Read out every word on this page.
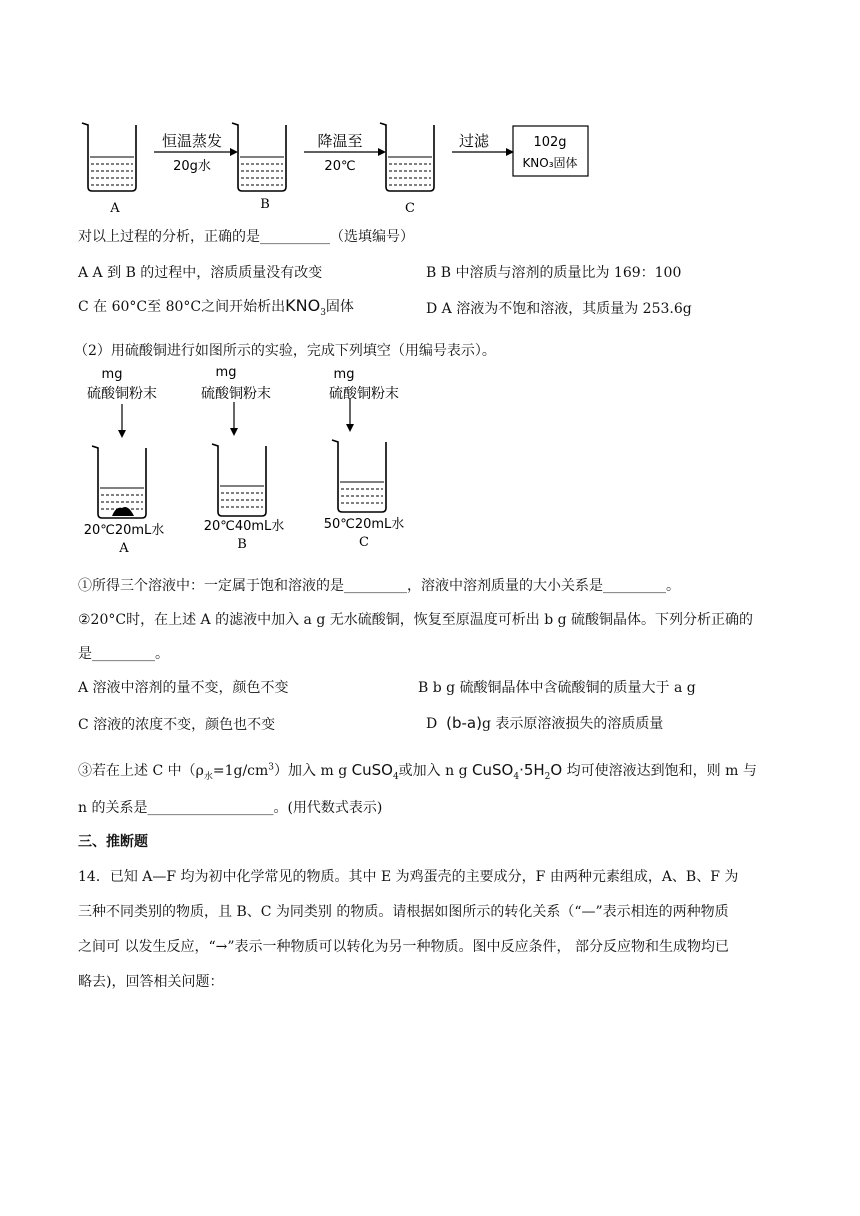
恒温蒸发
20g水
降温至
20℃
过滤	102g
KNO₃固体
A	B	C
对以上过程的分析，正确的是__________（选填编号）
A A 到 B 的过程中，溶质质量没有改变	B B 中溶质与溶剂的质量比为 169：100
C 在 60°C至 80°C之间开始析出$KNO_3$固体	D A 溶液为不饱和溶液，其质量为 253.6g
（2）用硫酸铜进行如图所示的实验，完成下列填空（用编号表示）。
mg
硫酸铜粉末
mg
硫酸铜粉末
mg
硫酸铜粉末
20℃20mL水
A
20℃40mL水
B
50℃20mL水
C
①所得三个溶液中：一定属于饱和溶液的是_________，溶液中溶剂质量的大小关系是_________。
②20°C时，在上述 A 的滤液中加入 a g 无水硫酸铜，恢复至原温度可析出 b g 硫酸铜晶体。下列分析正确的
是_________。
A 溶液中溶剂的量不变，颜色不变	B b g 硫酸铜晶体中含硫酸铜的质量大于 a g
C 溶液的浓度不变，颜色也不变	D (b-a)g 表示原溶液损失的溶质质量
③若在上述 C 中$(\rho_水=1g/cm^3)$加入 m g CuSO$_4$或加入 n g $CuSO_4\cdot 5H_2O$ 均可使溶液达到饱和，则 m 与
n 的关系是__________________。(用代数式表示)
三、推断题
14．已知 A—F 均为初中化学常见的物质。其中 E 为鸡蛋壳的主要成分，F 由两种元素组成，A、B、F 为
三种不同类别的物质，且 B、C 为同类别 的物质。请根据如图所示的转化关系（“—”表示相连的两种物质
之间可 以发生反应，“→”表示一种物质可以转化为另一种物质。图中反应条件， 部分反应物和生成物均已
略去)，回答相关问题：
